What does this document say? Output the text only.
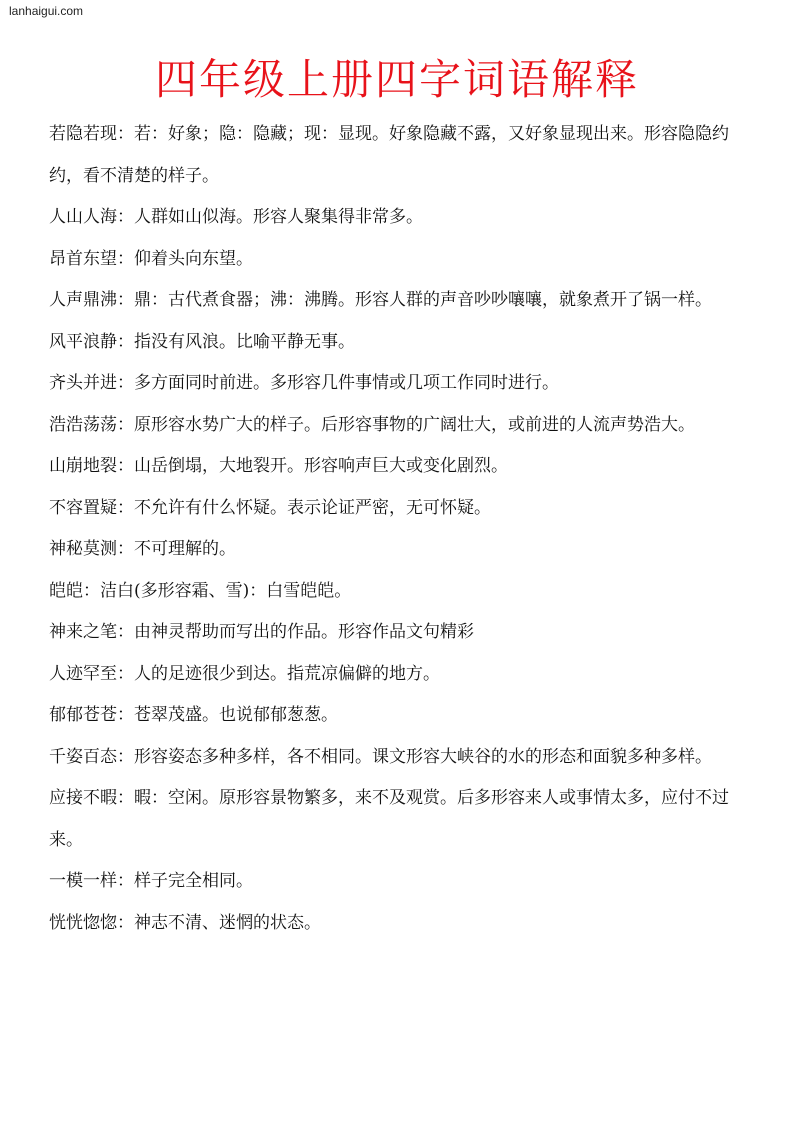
lanhaigui.com
四年级上册四字词语解释
若隐若现：若：好象；隐：隐藏；现：显现。好象隐藏不露，又好象显现出来。形容隐隐约约，看不清楚的样子。
人山人海：人群如山似海。形容人聚集得非常多。
昂首东望：仰着头向东望。
人声鼎沸：鼎：古代煮食器；沸：沸腾。形容人群的声音吵吵嚷嚷，就象煮开了锅一样。
风平浪静：指没有风浪。比喻平静无事。
齐头并进：多方面同时前进。多形容几件事情或几项工作同时进行。
浩浩荡荡：原形容水势广大的样子。后形容事物的广阔壮大，或前进的人流声势浩大。
山崩地裂：山岳倒塌，大地裂开。形容响声巨大或变化剧烈。
不容置疑：不允许有什么怀疑。表示论证严密，无可怀疑。
神秘莫测：不可理解的。
皑皑：洁白(多形容霜、雪)：白雪皑皑。
神来之笔：由神灵帮助而写出的作品。形容作品文句精彩
人迹罕至：人的足迹很少到达。指荒凉偏僻的地方。
郁郁苍苍：苍翠茂盛。也说郁郁葱葱。
千姿百态：形容姿态多种多样，各不相同。课文形容大峡谷的水的形态和面貌多种多样。
应接不暇：暇：空闲。原形容景物繁多，来不及观赏。后多形容来人或事情太多，应付不过来。
一模一样：样子完全相同。
恍恍惚惚：神志不清、迷惘的状态。
